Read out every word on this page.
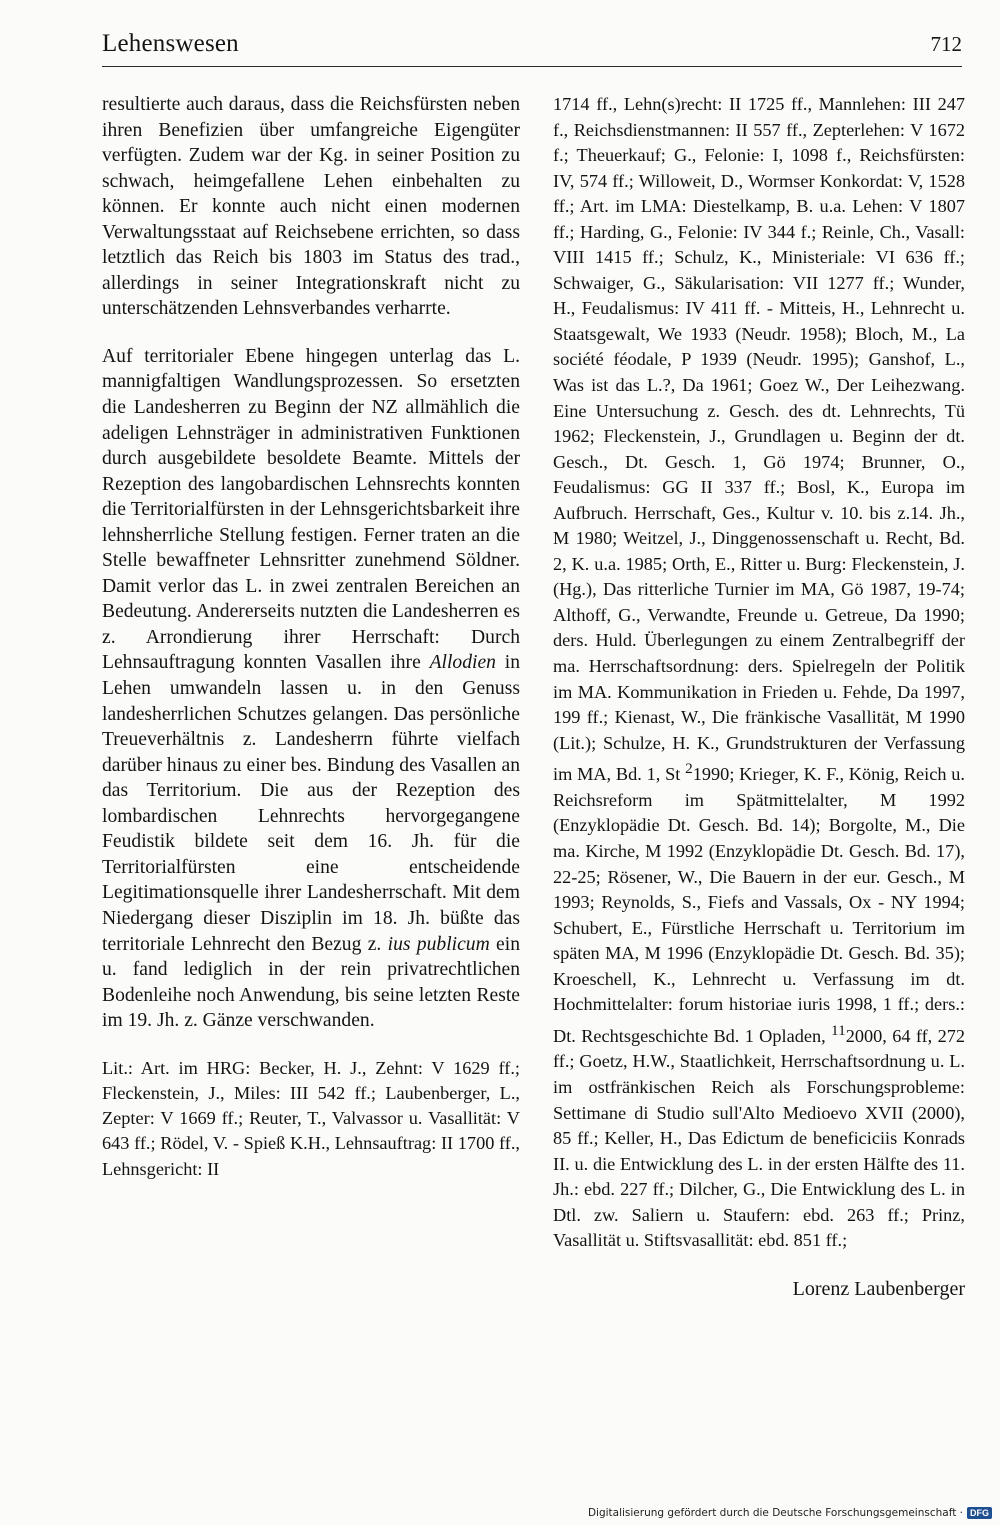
Lehenswesen	712

resultierte auch daraus, dass die Reichsfürsten neben ihren Benefizien über umfangreiche Eigengüter verfügten. Zudem war der Kg. in seiner Position zu schwach, heimgefallene Lehen einbehalten zu können. Er konnte auch nicht einen modernen Verwaltungsstaat auf Reichsebene errichten, so dass letztlich das Reich bis 1803 im Status des trad., allerdings in seiner Integrationskraft nicht zu unterschätzenden Lehnsverbandes verharrte.

Auf territorialer Ebene hingegen unterlag das L. mannigfaltigen Wandlungsprozessen. So ersetzten die Landesherren zu Beginn der NZ allmählich die adeligen Lehnsträger in administrativen Funktionen durch ausgebildete besoldete Beamte. Mittels der Rezeption des langobardischen Lehnsrechts konnten die Territorialfürsten in der Lehnsgerichtsbarkeit ihre lehnsherrliche Stellung festigen. Ferner traten an die Stelle bewaffneter Lehnsritter zunehmend Söldner. Damit verlor das L. in zwei zentralen Bereichen an Bedeutung. Andererseits nutzten die Landesherren es z. Arrondierung ihrer Herrschaft: Durch Lehnsauftragung konnten Vasallen ihre Allodien in Lehen umwandeln lassen u. in den Genuss landesherrlichen Schutzes gelangen. Das persönliche Treueverhältnis z. Landesherrn führte vielfach darüber hinaus zu einer bes. Bindung des Vasallen an das Territorium. Die aus der Rezeption des lombardischen Lehnrechts hervorgegangene Feudistik bildete seit dem 16. Jh. für die Territorialfürsten eine entscheidende Legitimationsquelle ihrer Landesherrschaft. Mit dem Niedergang dieser Disziplin im 18. Jh. büßte das territoriale Lehnrecht den Bezug z. ius publicum ein u. fand lediglich in der rein privatrechtlichen Bodenleihe noch Anwendung, bis seine letzten Reste im 19. Jh. z. Gänze verschwanden.

Lit.: Art. im HRG: Becker, H. J., Zehnt: V 1629 ff.; Fleckenstein, J., Miles: III 542 ff.; Laubenberger, L., Zepter: V 1669 ff.; Reuter, T., Valvassor u. Vasallität: V 643 ff.; Rödel, V. - Spieß K.H., Lehnsauftrag: II 1700 ff., Lehnsgericht: II

1714 ff., Lehn(s)recht: II 1725 ff., Mannlehen: III 247 f., Reichsdienstmannen: II 557 ff., Zepterlehen: V 1672 f.; Theuerkauf; G., Felonie: I, 1098 f., Reichsfürsten: IV, 574 ff.; Willoweit, D., Wormser Konkordat: V, 1528 ff.; Art. im LMA: Diestelkamp, B. u.a. Lehen: V 1807 ff.; Harding, G., Felonie: IV 344 f.; Reinle, Ch., Vasall: VIII 1415 ff.; Schulz, K., Ministeriale: VI 636 ff.; Schwaiger, G., Säkularisation: VII 1277 ff.; Wunder, H., Feudalismus: IV 411 ff. - Mitteis, H., Lehnrecht u. Staatsgewalt, We 1933 (Neudr. 1958); Bloch, M., La société féodale, P 1939 (Neudr. 1995); Ganshof, L., Was ist das L.?, Da 1961; Goez W., Der Leihezwang. Eine Untersuchung z. Gesch. des dt. Lehnrechts, Tü 1962; Fleckenstein, J., Grundlagen u. Beginn der dt. Gesch., Dt. Gesch. 1, Gö 1974; Brunner, O., Feudalismus: GG II 337 ff.; Bosl, K., Europa im Aufbruch. Herrschaft, Ges., Kultur v. 10. bis z.14. Jh., M 1980; Weitzel, J., Dinggenossenschaft u. Recht, Bd. 2, K. u.a. 1985; Orth, E., Ritter u. Burg: Fleckenstein, J. (Hg.), Das ritterliche Turnier im MA, Gö 1987, 19-74; Althoff, G., Verwandte, Freunde u. Getreue, Da 1990; ders. Huld. Überlegungen zu einem Zentralbegriff der ma. Herrschaftsordnung: ders. Spielregeln der Politik im MA. Kommunikation in Frieden u. Fehde, Da 1997, 199 ff.; Kienast, W., Die fränkische Vasallität, M 1990 (Lit.); Schulze, H. K., Grundstrukturen der Verfassung im MA, Bd. 1, St $^2$1990; Krieger, K. F., König, Reich u. Reichsreform im Spätmittelalter, M 1992 (Enzyklopädie Dt. Gesch. Bd. 14); Borgolte, M., Die ma. Kirche, M 1992 (Enzyklopädie Dt. Gesch. Bd. 17), 22-25; Rösener, W., Die Bauern in der eur. Gesch., M 1993; Reynolds, S., Fiefs and Vassals, Ox - NY 1994; Schubert, E., Fürstliche Herrschaft u. Territorium im späten MA, M 1996 (Enzyklopädie Dt. Gesch. Bd. 35); Kroeschell, K., Lehnrecht u. Verfassung im dt. Hochmittelalter: forum historiae iuris 1998, 1 ff.; ders.: Dt. Rechtsgeschichte Bd. 1 Opladen, $^{11}$2000, 64 ff, 272 ff.; Goetz, H.W., Staatlichkeit, Herrschaftsordnung u. L. im ostfränkischen Reich als Forschungsprobleme: Settimane di Studio sull'Alto Medioevo XVII (2000), 85 ff.; Keller, H., Das Edictum de beneficiciis Konrads II. u. die Entwicklung des L. in der ersten Hälfte des 11. Jh.: ebd. 227 ff.; Dilcher, G., Die Entwicklung des L. in Dtl. zw. Saliern u. Staufern: ebd. 263 ff.; Prinz, Vasallität u. Stiftsvasallität: ebd. 851 ff.;

Lorenz Laubenberger
Digitalisierung gefördert durch die Deutsche Forschungsgemeinschaft · DFG
